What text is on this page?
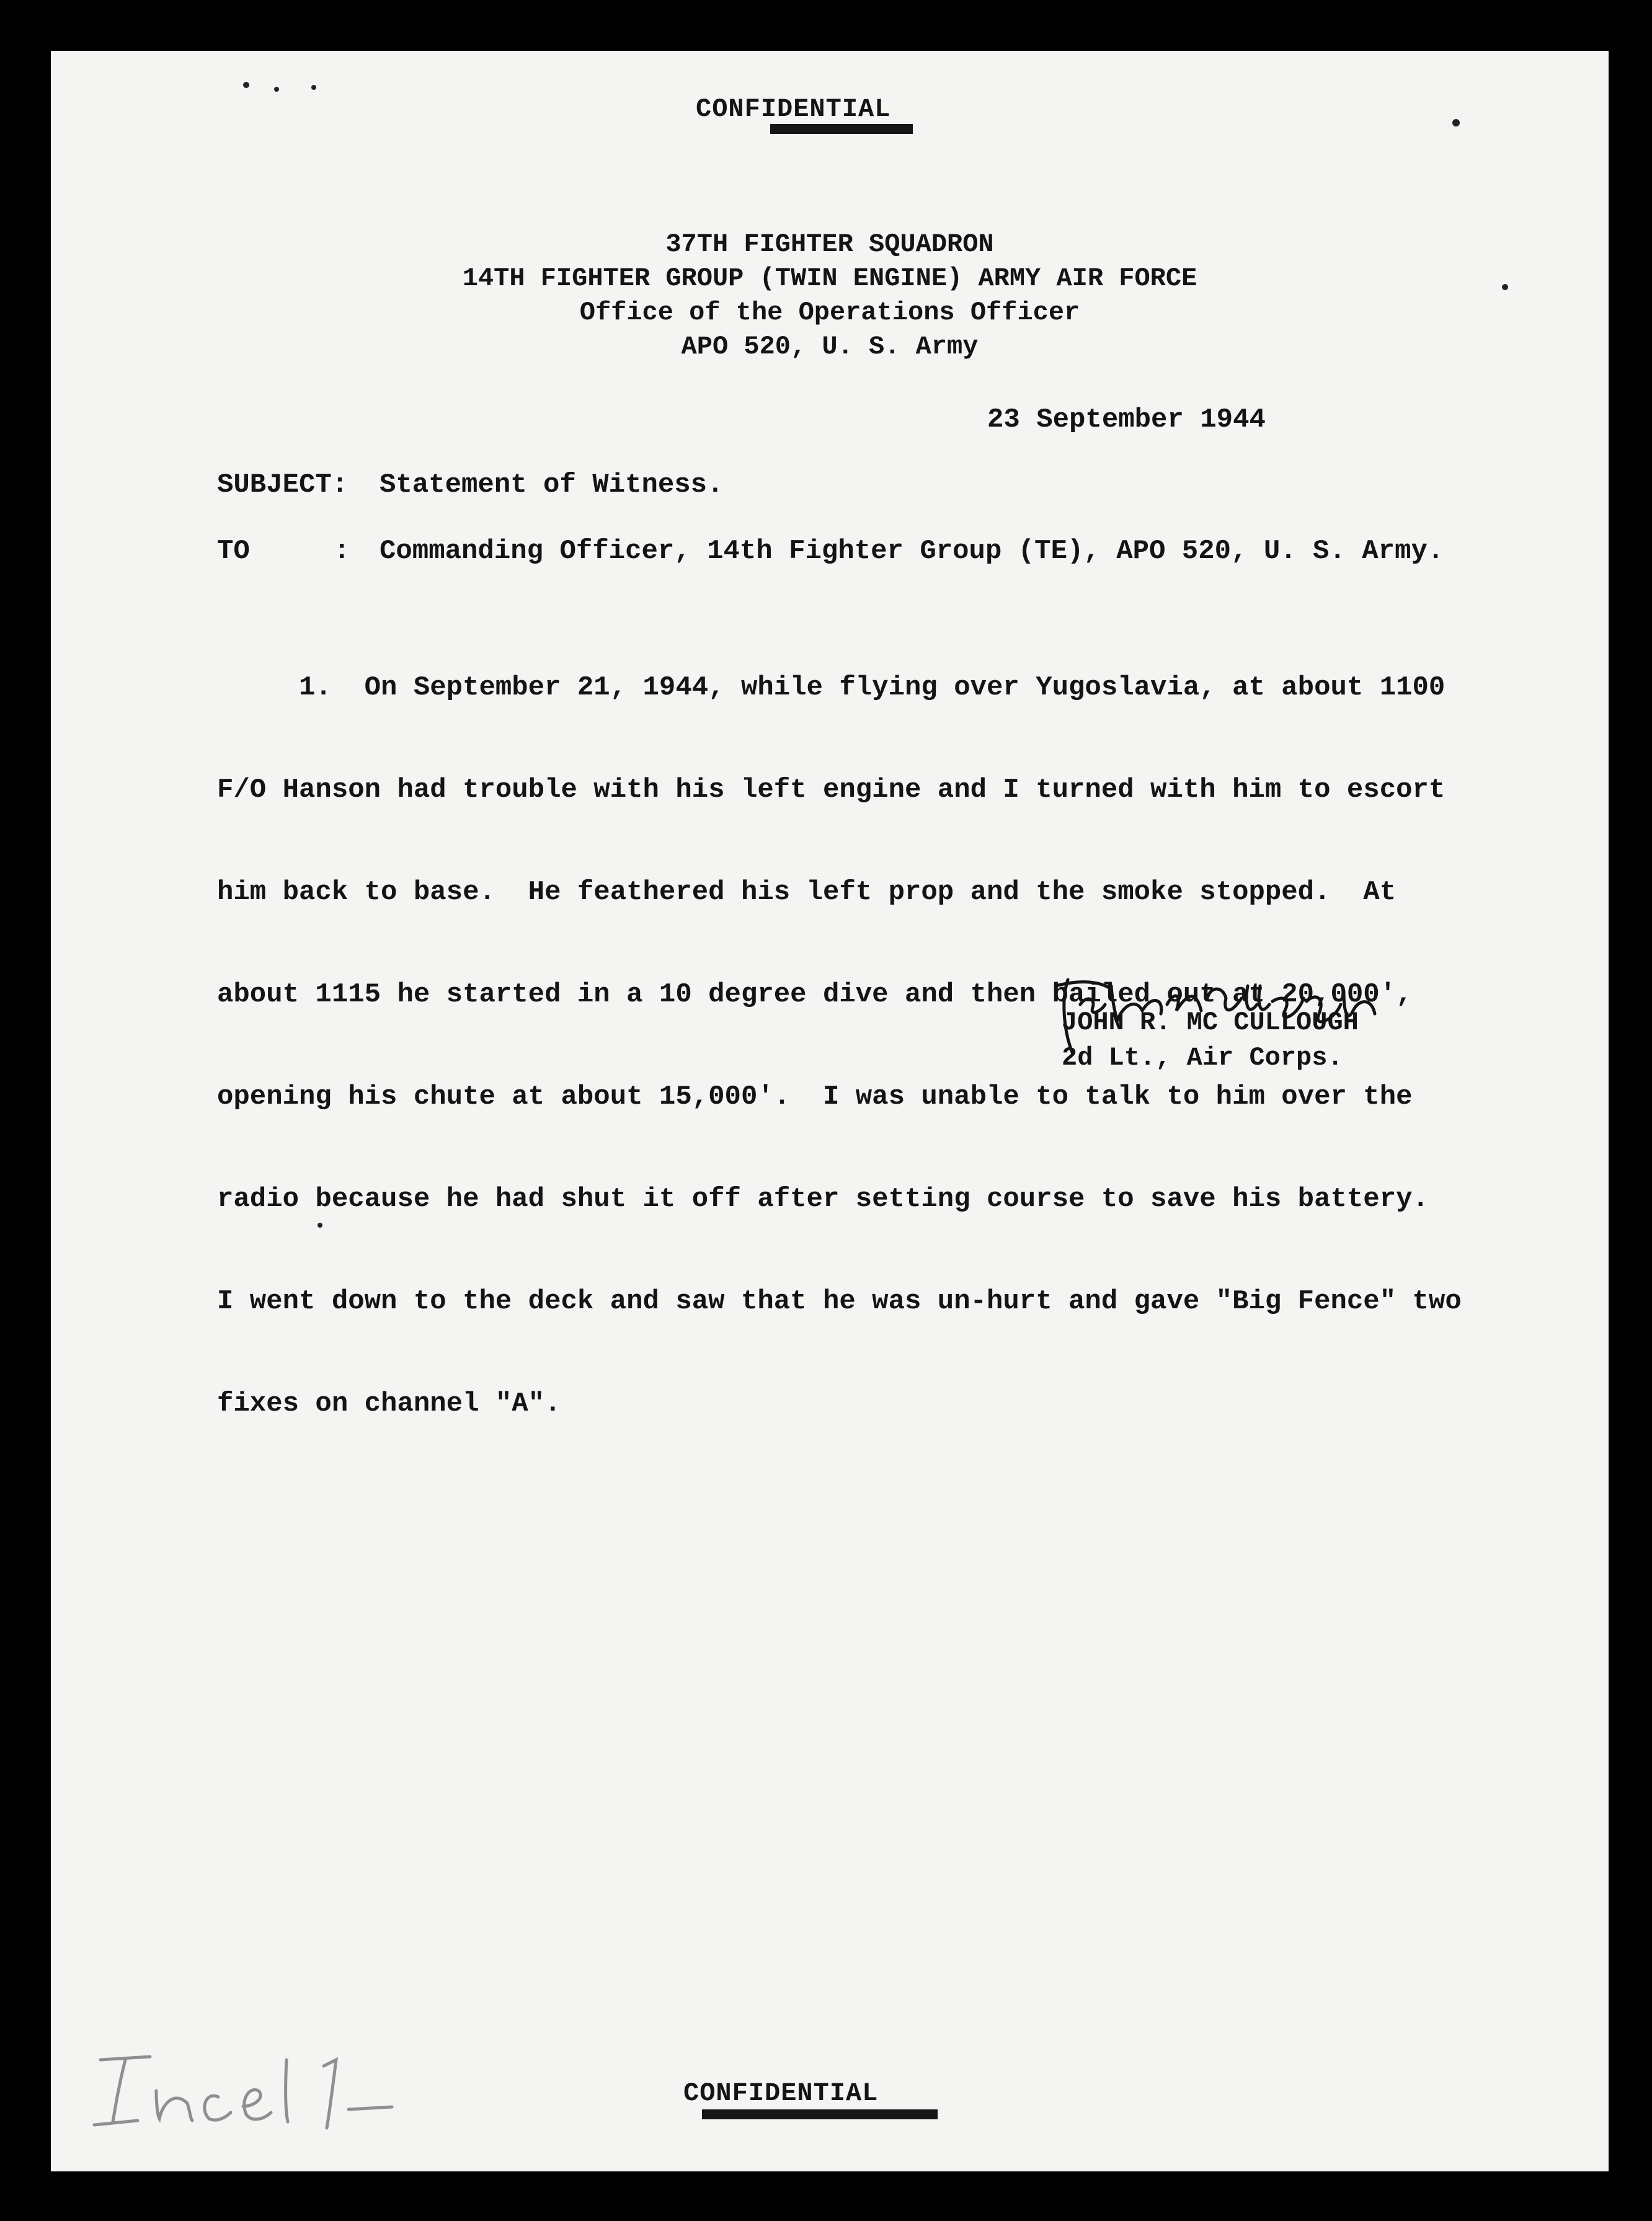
CONFIDENTIAL
37TH FIGHTER SQUADRON
14TH FIGHTER GROUP (TWIN ENGINE) ARMY AIR FORCE
Office of the Operations Officer
APO 520, U. S. Army
23 September 1944
SUBJECT: Statement of Witness.
TO	: Commanding Officer, 14th Fighter Group (TE), APO 520, U. S. Army.

1.  On September 21, 1944, while flying over Yugoslavia, at about 1100

F/O Hanson had trouble with his left engine and I turned with him to escort

him back to base.  He feathered his left prop and the smoke stopped.  At

about 1115 he started in a 10 degree dive and then bailed out at 20,000',

opening his chute at about 15,000'.  I was unable to talk to him over the

radio because he had shut it off after setting course to save his battery.

I went down to the deck and saw that he was un-hurt and gave "Big Fence" two

fixes on channel "A".

JOHN R. MC CULLOUGH
2d Lt., Air Corps.
CONFIDENTIAL
